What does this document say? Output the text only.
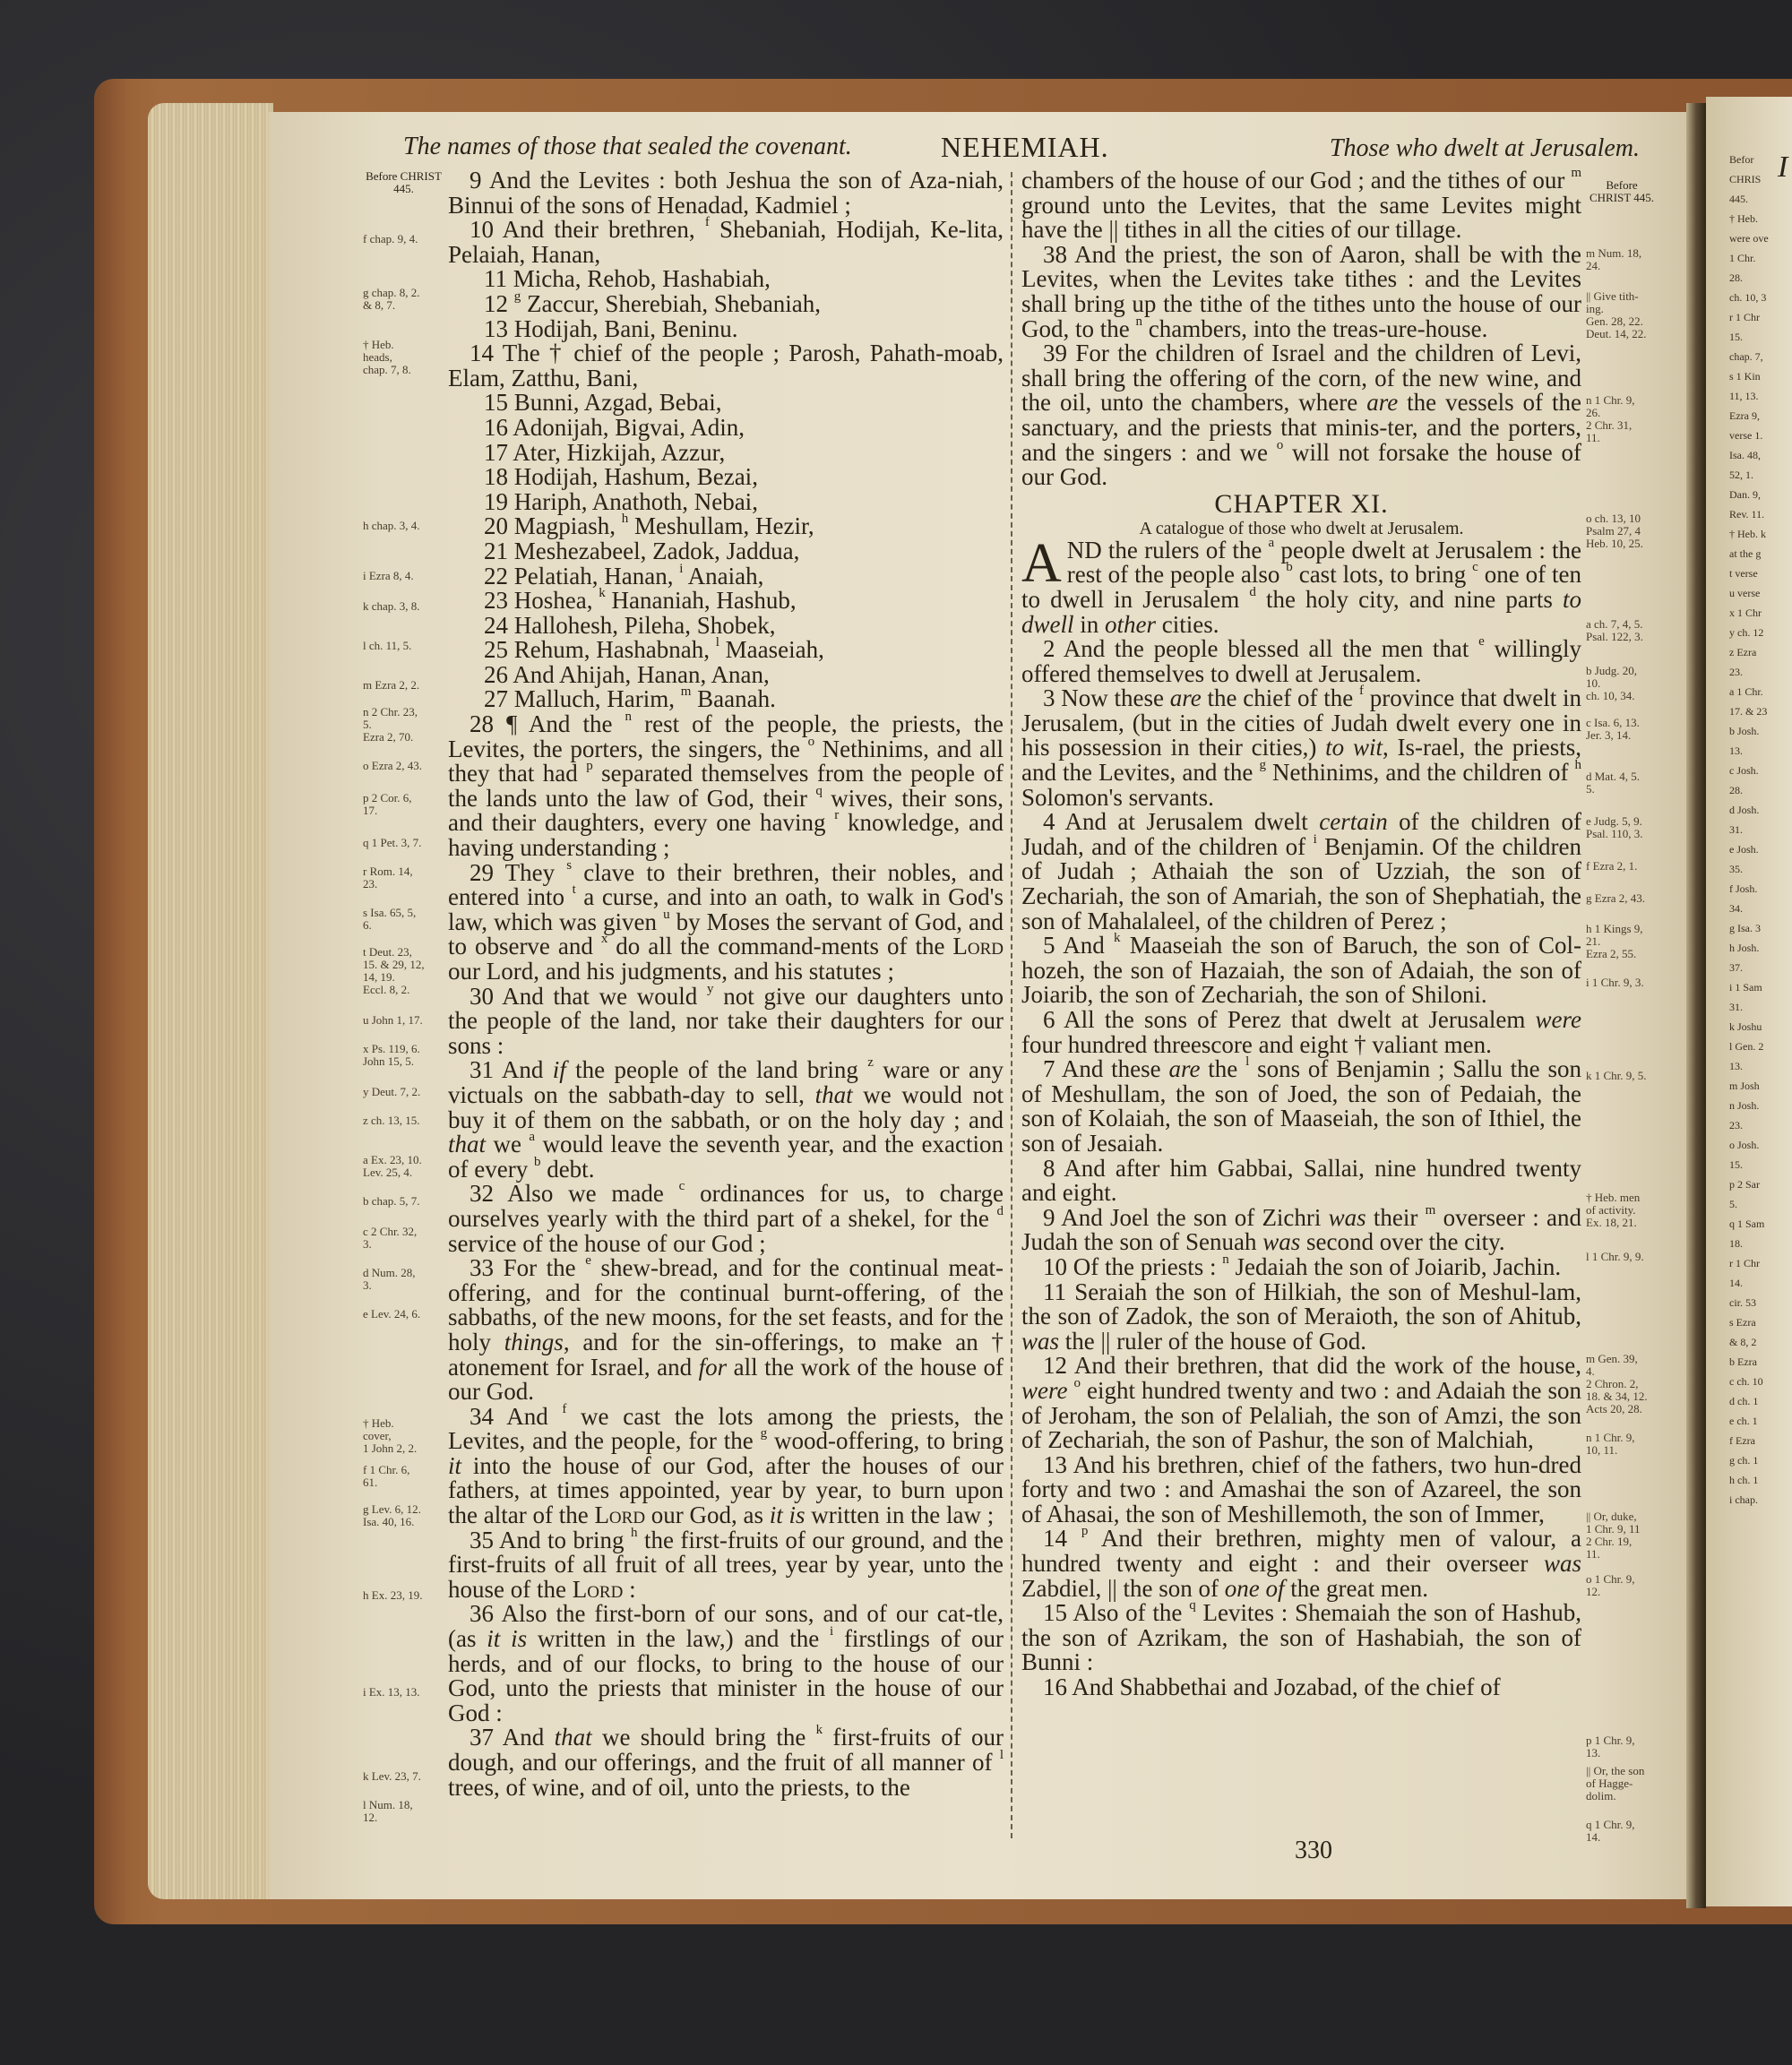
I
Befor
CHRIS
445.
† Heb.
were ove
1 Chr.
28.
ch. 10, 3
r 1 Chr
15.
chap. 7,
s 1 Kin
11, 13.
Ezra 9,
verse 1.
Isa. 48,
52, 1.
Dan. 9,
Rev. 11.
† Heb. k
at the g
t verse
u verse
x 1 Chr
y ch. 12
z Ezra
23.
a 1 Chr.
17. & 23
b Josh.
13.
c Josh.
28.
d Josh.
31.
e Josh.
35.
f Josh.
34.
g Isa. 3
h Josh.
37.
i 1 Sam
31.
k Joshu
l Gen. 2
13.
m Josh
n Josh.
23.
o Josh.
15.
p 2 Sar
5.
q 1 Sam
18.
r 1 Chr
14.
cir. 53
s Ezra
& 8, 2
b Ezra
c ch. 10
d ch. 1
e ch. 1
f Ezra
g ch. 1
h ch. 1
i chap.
The names of those that sealed the covenant.	NEHEMIAH.	Those who dwelt at Jerusalem.
Before CHRIST 445.	Before CHRIST 445.
f chap. 9, 4.
g chap. 8, 2.
& 8, 7.
† Heb.
heads,
chap. 7, 8.
h chap. 3, 4.
i Ezra 8, 4.
k chap. 3, 8.
l ch. 11, 5.
m Ezra 2, 2.
n 2 Chr. 23,
5.
Ezra 2, 70.
o Ezra 2, 43.
p 2 Cor. 6,
17.
q 1 Pet. 3, 7.
r Rom. 14,
23.
s Isa. 65, 5,
6.
t Deut. 23,
15. & 29, 12,
14, 19.
Eccl. 8, 2.
u John 1, 17.
x Ps. 119, 6.
John 15, 5.
y Deut. 7, 2.
z ch. 13, 15.
a Ex. 23, 10.
Lev. 25, 4.
b chap. 5, 7.
c 2 Chr. 32,
3.
d Num. 28,
3.
e Lev. 24, 6.
† Heb.
cover,
1 John 2, 2.
f 1 Chr. 6,
61.
g Lev. 6, 12.
Isa. 40, 16.
h Ex. 23, 19.
i Ex. 13, 13.
k Lev. 23, 7.
l Num. 18,
12.
m Num. 18,
24.
|| Give tith-
ing.
Gen. 28, 22.
Deut. 14, 22.
n 1 Chr. 9,
26.
2 Chr. 31,
11.
o ch. 13, 10
Psalm 27, 4
Heb. 10, 25.
a ch. 7, 4, 5.
Psal. 122, 3.
b Judg. 20,
10.
ch. 10, 34.
c Isa. 6, 13.
Jer. 3, 14.
d Mat. 4, 5.
5.
e Judg. 5, 9.
Psal. 110, 3.
f Ezra 2, 1.
g Ezra 2, 43.
h 1 Kings 9,
21.
Ezra 2, 55.
i 1 Chr. 9, 3.
k 1 Chr. 9, 5.
† Heb. men
of activity.
Ex. 18, 21.
l 1 Chr. 9, 9.
m Gen. 39,
4.
2 Chron. 2,
18. & 34, 12.
Acts 20, 28.
n 1 Chr. 9,
10, 11.
|| Or, duke,
1 Chr. 9, 11
2 Chr. 19,
11.
o 1 Chr. 9,
12.
p 1 Chr. 9,
13.
|| Or, the son
of Hagge-
dolim.
q 1 Chr. 9,
14.

9 And the Levites : both Jeshua the son of Aza-niah, Binnui of the sons of Henadad, Kadmiel ;

10 And their brethren, $^f$ Shebaniah, Hodijah, Ke-lita, Pelaiah, Hanan,

11 Micha, Rehob, Hashabiah,

12 $^g$ Zaccur, Sherebiah, Shebaniah,

13 Hodijah, Bani, Beninu.

14 The † chief of the people ; Parosh, Pahath-moab, Elam, Zatthu, Bani,

15 Bunni, Azgad, Bebai,

16 Adonijah, Bigvai, Adin,

17 Ater, Hizkijah, Azzur,

18 Hodijah, Hashum, Bezai,

19 Hariph, Anathoth, Nebai,

20 Magpiash, $^h$ Meshullam, Hezir,

21 Meshezabeel, Zadok, Jaddua,

22 Pelatiah, Hanan, $^i$ Anaiah,

23 Hoshea, $^k$ Hananiah, Hashub,

24 Hallohesh, Pileha, Shobek,

25 Rehum, Hashabnah, $^l$ Maaseiah,

26 And Ahijah, Hanan, Anan,

27 Malluch, Harim, $^m$ Baanah.

28 ¶ And the $^n$ rest of the people, the priests, the Levites, the porters, the singers, the $^o$ Nethinims, and all they that had $^p$ separated themselves from the people of the lands unto the law of God, their $^q$ wives, their sons, and their daughters, every one having $^r$ knowledge, and having understanding ;

29 They $^s$ clave to their brethren, their nobles, and entered into $^t$ a curse, and into an oath, to walk in God's law, which was given $^u$ by Moses the servant of God, and to observe and $^x$ do all the command-ments of the Lord our Lord, and his judgments, and his statutes ;

30 And that we would $^y$ not give our daughters unto the people of the land, nor take their daughters for our sons :

31 And if the people of the land bring $^z$ ware or any victuals on the sabbath-day to sell, that we would not buy it of them on the sabbath, or on the holy day ; and that we $^a$ would leave the seventh year, and the exaction of every $^b$ debt.

32 Also we made $^c$ ordinances for us, to charge ourselves yearly with the third part of a shekel, for the $^d$ service of the house of our God ;

33 For the $^e$ shew-bread, and for the continual meat-offering, and for the continual burnt-offering, of the sabbaths, of the new moons, for the set feasts, and for the holy things, and for the sin-offerings, to make an † atonement for Israel, and for all the work of the house of our God.

34 And $^f$ we cast the lots among the priests, the Levites, and the people, for the $^g$ wood-offering, to bring it into the house of our God, after the houses of our fathers, at times appointed, year by year, to burn upon the altar of the Lord our God, as it is written in the law ;

35 And to bring $^h$ the first-fruits of our ground, and the first-fruits of all fruit of all trees, year by year, unto the house of the Lord :

36 Also the first-born of our sons, and of our cat-tle, (as it is written in the law,) and the $^i$ firstlings of our herds, and of our flocks, to bring to the house of our God, unto the priests that minister in the house of our God :

37 And that we should bring the $^k$ first-fruits of our dough, and our offerings, and the fruit of all manner of $^l$ trees, of wine, and of oil, unto the priests, to the

chambers of the house of our God ; and the tithes of our $^m$ ground unto the Levites, that the same Levites might have the || tithes in all the cities of our tillage.

38 And the priest, the son of Aaron, shall be with the Levites, when the Levites take tithes : and the Levites shall bring up the tithe of the tithes unto the house of our God, to the $^n$ chambers, into the treas-ure-house.

39 For the children of Israel and the children of Levi, shall bring the offering of the corn, of the new wine, and the oil, unto the chambers, where are the vessels of the sanctuary, and the priests that minis-ter, and the porters, and the singers : and we $^o$ will not forsake the house of our God.

CHAPTER XI.
A catalogue of those who dwelt at Jerusalem.

AND the rulers of the $^a$ people dwelt at Jerusalem : the rest of the people also $^b$ cast lots, to bring $^c$ one of ten to dwell in Jerusalem $^d$ the holy city, and nine parts to dwell in other cities.

2 And the people blessed all the men that $^e$ willingly offered themselves to dwell at Jerusalem.

3 Now these are the chief of the $^f$ province that dwelt in Jerusalem, (but in the cities of Judah dwelt every one in his possession in their cities,) to wit, Is-rael, the priests, and the Levites, and the $^g$ Nethinims, and the children of $^h$ Solomon's servants.

4 And at Jerusalem dwelt certain of the children of Judah, and of the children of $^i$ Benjamin. Of the children of Judah ; Athaiah the son of Uzziah, the son of Zechariah, the son of Amariah, the son of Shephatiah, the son of Mahalaleel, of the children of Perez ;

5 And $^k$ Maaseiah the son of Baruch, the son of Col-hozeh, the son of Hazaiah, the son of Adaiah, the son of Joiarib, the son of Zechariah, the son of Shiloni.

6 All the sons of Perez that dwelt at Jerusalem were four hundred threescore and eight † valiant men.

7 And these are the $^l$ sons of Benjamin ; Sallu the son of Meshullam, the son of Joed, the son of Pedaiah, the son of Kolaiah, the son of Maaseiah, the son of Ithiel, the son of Jesaiah.

8 And after him Gabbai, Sallai, nine hundred twenty and eight.

9 And Joel the son of Zichri was their $^m$ overseer : and Judah the son of Senuah was second over the city.

10 Of the priests : $^n$ Jedaiah the son of Joiarib, Jachin.

11 Seraiah the son of Hilkiah, the son of Meshul-lam, the son of Zadok, the son of Meraioth, the son of Ahitub, was the || ruler of the house of God.

12 And their brethren, that did the work of the house, were $^o$ eight hundred twenty and two : and Adaiah the son of Jeroham, the son of Pelaliah, the son of Amzi, the son of Zechariah, the son of Pashur, the son of Malchiah,

13 And his brethren, chief of the fathers, two hun-dred forty and two : and Amashai the son of Azareel, the son of Ahasai, the son of Meshillemoth, the son of Immer,

14 $^p$ And their brethren, mighty men of valour, a hundred twenty and eight : and their overseer was Zabdiel, || the son of one of the great men.

15 Also of the $^q$ Levites : Shemaiah the son of Hashub, the son of Azrikam, the son of Hashabiah, the son of Bunni :

16 And Shabbethai and Jozabad, of the chief of

330
